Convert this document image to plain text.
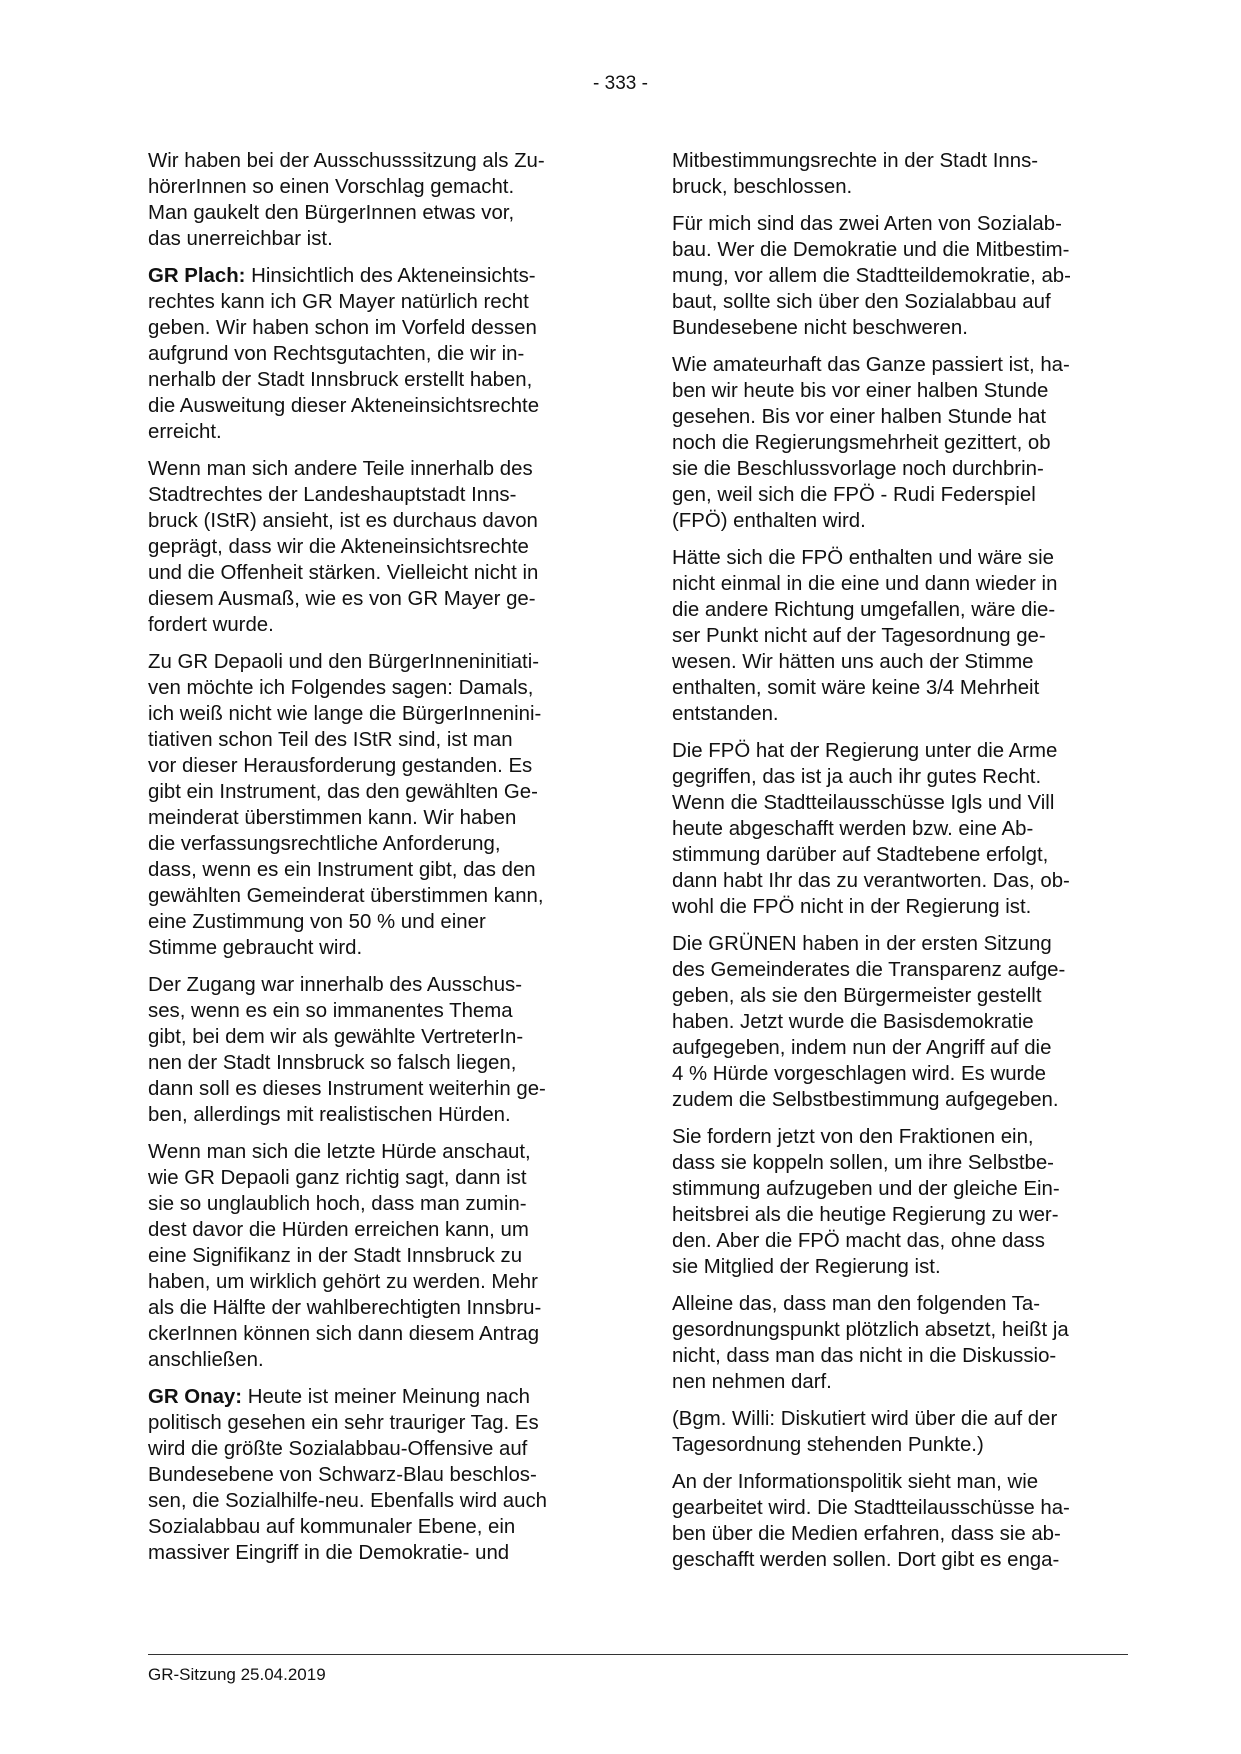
- 333 -
Wir haben bei der Ausschusssitzung als Zu-
hörerInnen so einen Vorschlag gemacht.
Man gaukelt den BürgerInnen etwas vor,
das unerreichbar ist.
GR Plach: Hinsichtlich des Akteneinsichts-
rechtes kann ich GR Mayer natürlich recht
geben. Wir haben schon im Vorfeld dessen
aufgrund von Rechtsgutachten, die wir in-
nerhalb der Stadt Innsbruck erstellt haben,
die Ausweitung dieser Akteneinsichtsrechte
erreicht.
Wenn man sich andere Teile innerhalb des
Stadtrechtes der Landeshauptstadt Inns-
bruck (IStR) ansieht, ist es durchaus davon
geprägt, dass wir die Akteneinsichtsrechte
und die Offenheit stärken. Vielleicht nicht in
diesem Ausmaß, wie es von GR Mayer ge-
fordert wurde.
Zu GR Depaoli und den BürgerInneninitiati-
ven möchte ich Folgendes sagen: Damals,
ich weiß nicht wie lange die BürgerInnenini-
tiativen schon Teil des IStR sind, ist man
vor dieser Herausforderung gestanden. Es
gibt ein Instrument, das den gewählten Ge-
meinderat überstimmen kann. Wir haben
die verfassungsrechtliche Anforderung,
dass, wenn es ein Instrument gibt, das den
gewählten Gemeinderat überstimmen kann,
eine Zustimmung von 50 % und einer
Stimme gebraucht wird.
Der Zugang war innerhalb des Ausschus-
ses, wenn es ein so immanentes Thema
gibt, bei dem wir als gewählte VertreterIn-
nen der Stadt Innsbruck so falsch liegen,
dann soll es dieses Instrument weiterhin ge-
ben, allerdings mit realistischen Hürden.
Wenn man sich die letzte Hürde anschaut,
wie GR Depaoli ganz richtig sagt, dann ist
sie so unglaublich hoch, dass man zumin-
dest davor die Hürden erreichen kann, um
eine Signifikanz in der Stadt Innsbruck zu
haben, um wirklich gehört zu werden. Mehr
als die Hälfte der wahlberechtigten Innsbru-
ckerInnen können sich dann diesem Antrag
anschließen.
GR Onay: Heute ist meiner Meinung nach
politisch gesehen ein sehr trauriger Tag. Es
wird die größte Sozialabbau-Offensive auf
Bundesebene von Schwarz-Blau beschlos-
sen, die Sozialhilfe-neu. Ebenfalls wird auch
Sozialabbau auf kommunaler Ebene, ein
massiver Eingriff in die Demokratie- und
Mitbestimmungsrechte in der Stadt Inns-
bruck, beschlossen.
Für mich sind das zwei Arten von Sozialab-
bau. Wer die Demokratie und die Mitbestim-
mung, vor allem die Stadtteildemokratie, ab-
baut, sollte sich über den Sozialabbau auf
Bundesebene nicht beschweren.
Wie amateurhaft das Ganze passiert ist, ha-
ben wir heute bis vor einer halben Stunde
gesehen. Bis vor einer halben Stunde hat
noch die Regierungsmehrheit gezittert, ob
sie die Beschlussvorlage noch durchbrin-
gen, weil sich die FPÖ - Rudi Federspiel
(FPÖ) enthalten wird.
Hätte sich die FPÖ enthalten und wäre sie
nicht einmal in die eine und dann wieder in
die andere Richtung umgefallen, wäre die-
ser Punkt nicht auf der Tagesordnung ge-
wesen. Wir hätten uns auch der Stimme
enthalten, somit wäre keine 3/4 Mehrheit
entstanden.
Die FPÖ hat der Regierung unter die Arme
gegriffen, das ist ja auch ihr gutes Recht.
Wenn die Stadtteilausschüsse Igls und Vill
heute abgeschafft werden bzw. eine Ab-
stimmung darüber auf Stadtebene erfolgt,
dann habt Ihr das zu verantworten. Das, ob-
wohl die FPÖ nicht in der Regierung ist.
Die GRÜNEN haben in der ersten Sitzung
des Gemeinderates die Transparenz aufge-
geben, als sie den Bürgermeister gestellt
haben. Jetzt wurde die Basisdemokratie
aufgegeben, indem nun der Angriff auf die
4 % Hürde vorgeschlagen wird. Es wurde
zudem die Selbstbestimmung aufgegeben.
Sie fordern jetzt von den Fraktionen ein,
dass sie koppeln sollen, um ihre Selbstbe-
stimmung aufzugeben und der gleiche Ein-
heitsbrei als die heutige Regierung zu wer-
den. Aber die FPÖ macht das, ohne dass
sie Mitglied der Regierung ist.
Alleine das, dass man den folgenden Ta-
gesordnungspunkt plötzlich absetzt, heißt ja
nicht, dass man das nicht in die Diskussio-
nen nehmen darf.
(Bgm. Willi: Diskutiert wird über die auf der
Tagesordnung stehenden Punkte.)
An der Informationspolitik sieht man, wie
gearbeitet wird. Die Stadtteilausschüsse ha-
ben über die Medien erfahren, dass sie ab-
geschafft werden sollen. Dort gibt es enga-
GR-Sitzung 25.04.2019
